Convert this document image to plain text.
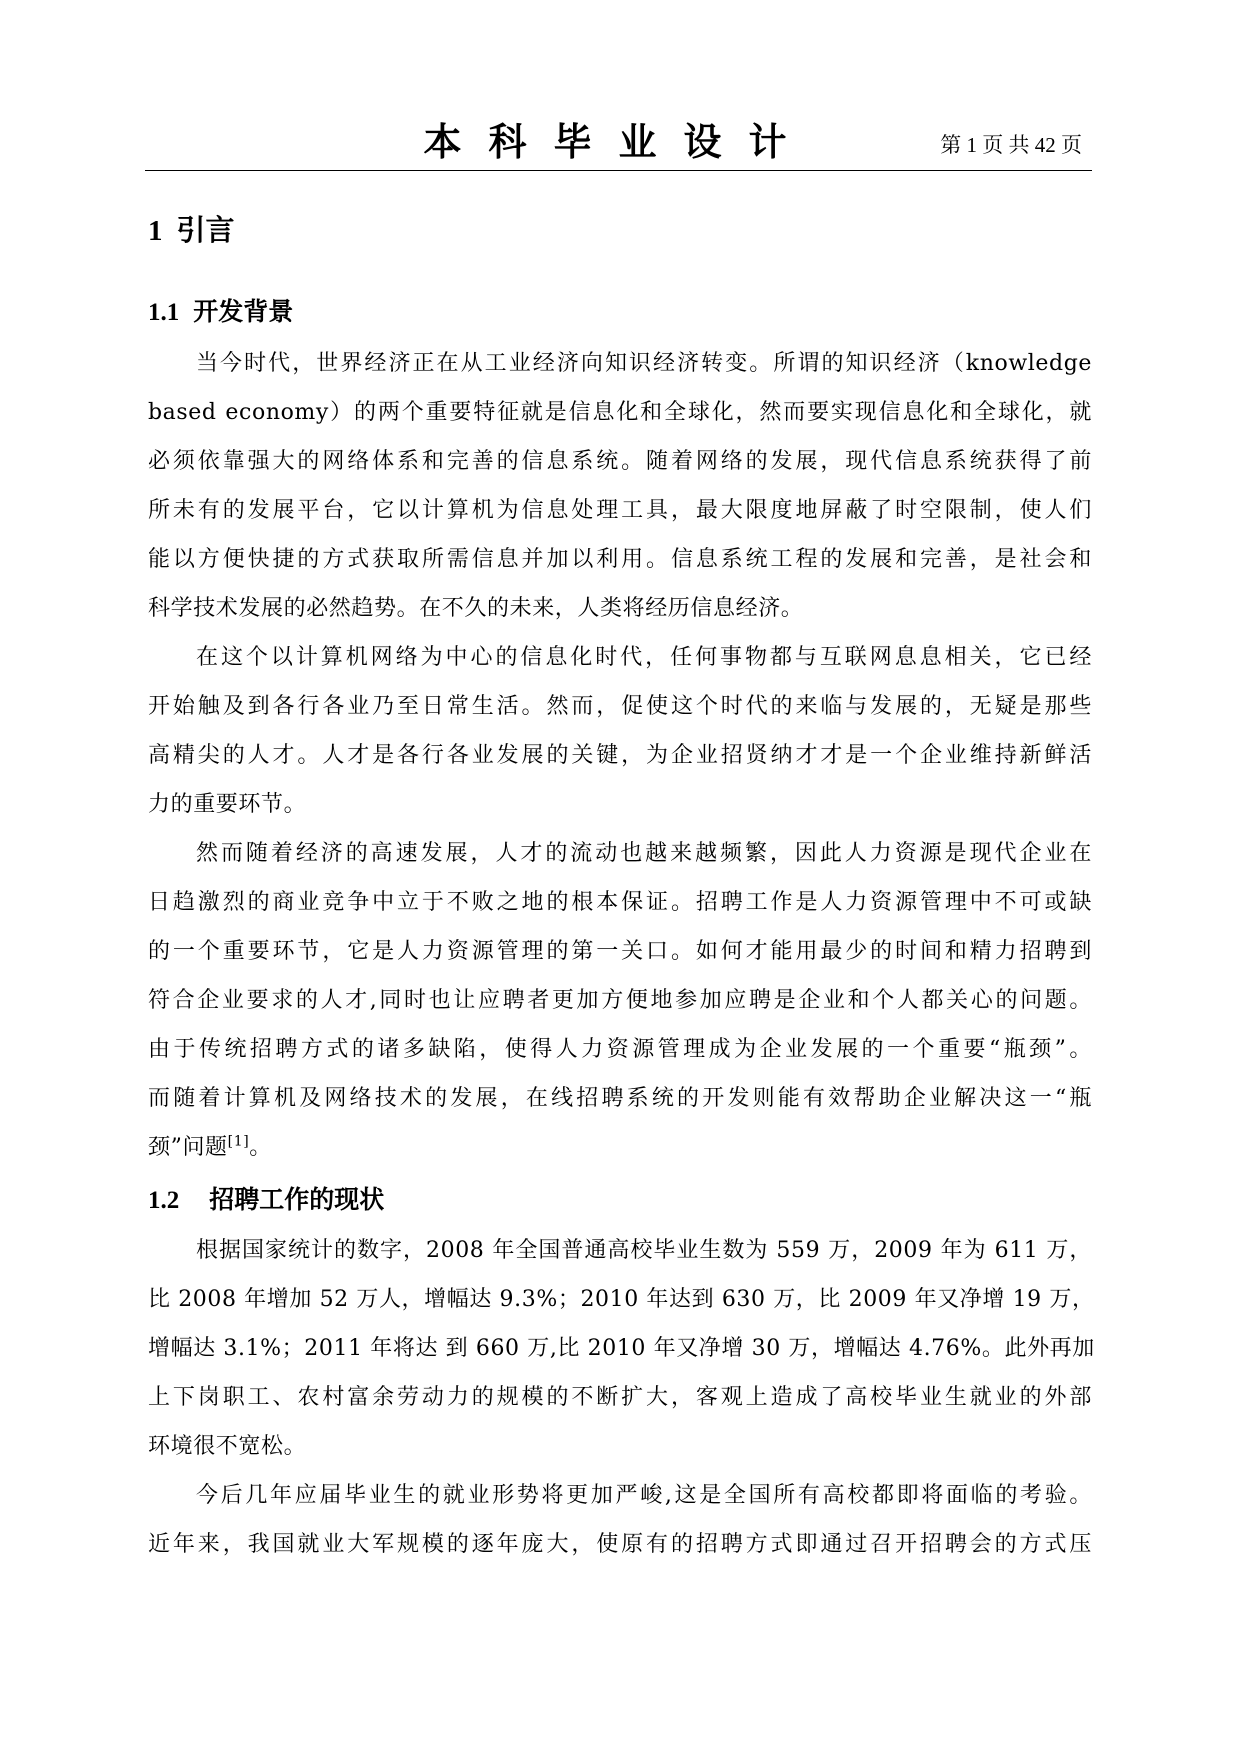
本科毕业设计	第 1 页 共 42 页
1 引言
1.1 开发背景
当今时代，世界经济正在从工业经济向知识经济转变。所谓的知识经济（knowledge
based economy）的两个重要特征就是信息化和全球化，然而要实现信息化和全球化，就
必须依靠强大的网络体系和完善的信息系统。随着网络的发展，现代信息系统获得了前
所未有的发展平台，它以计算机为信息处理工具，最大限度地屏蔽了时空限制，使人们
能以方便快捷的方式获取所需信息并加以利用。信息系统工程的发展和完善，是社会和
科学技术发展的必然趋势。在不久的未来，人类将经历信息经济。
在这个以计算机网络为中心的信息化时代，任何事物都与互联网息息相关，它已经
开始触及到各行各业乃至日常生活。然而，促使这个时代的来临与发展的，无疑是那些
高精尖的人才。人才是各行各业发展的关键，为企业招贤纳才才是一个企业维持新鲜活
力的重要环节。
然而随着经济的高速发展，人才的流动也越来越频繁，因此人力资源是现代企业在
日趋激烈的商业竞争中立于不败之地的根本保证。招聘工作是人力资源管理中不可或缺
的一个重要环节，它是人力资源管理的第一关口。如何才能用最少的时间和精力招聘到
符合企业要求的人才,同时也让应聘者更加方便地参加应聘是企业和个人都关心的问题。
由于传统招聘方式的诸多缺陷，使得人力资源管理成为企业发展的一个重要“瓶颈”。
而随着计算机及网络技术的发展，在线招聘系统的开发则能有效帮助企业解决这一“瓶
颈”问题[1]。
1.2 招聘工作的现状
根据国家统计的数字，2008 年全国普通高校毕业生数为 559 万，2009 年为 611 万，
比 2008 年增加 52 万人，增幅达 9.3%；2010 年达到 630 万，比 2009 年又净增 19 万，
增幅达 3.1%；2011 年将达 到 660 万,比 2010 年又净增 30 万，增幅达 4.76%。此外再加
上下岗职工、农村富余劳动力的规模的不断扩大，客观上造成了高校毕业生就业的外部
环境很不宽松。
今后几年应届毕业生的就业形势将更加严峻,这是全国所有高校都即将面临的考验。
近年来，我国就业大军规模的逐年庞大，使原有的招聘方式即通过召开招聘会的方式压
